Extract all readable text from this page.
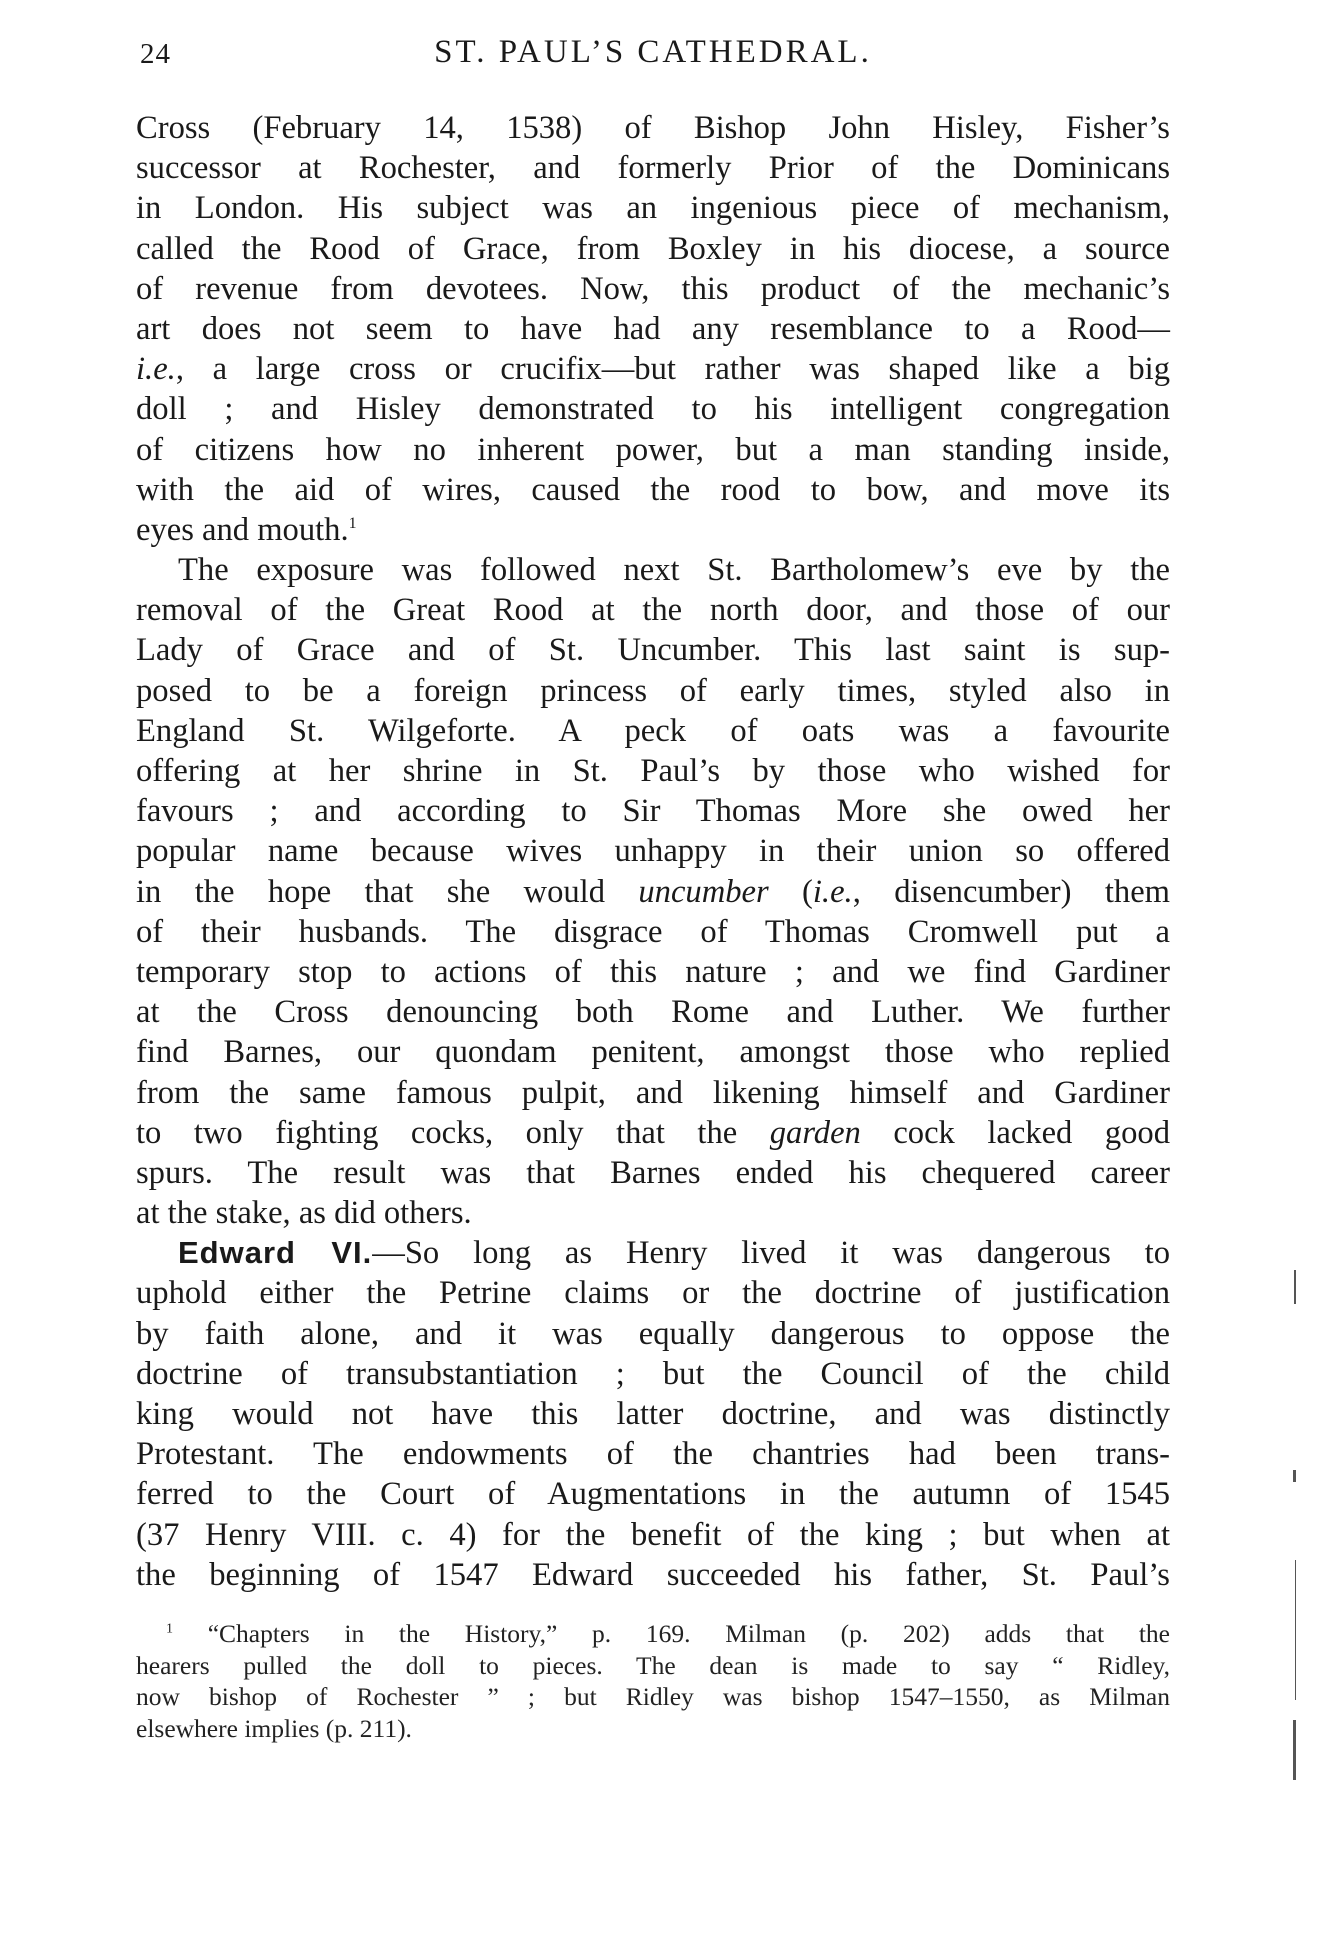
24	ST. PAUL’S CATHEDRAL.
Cross (February 14, 1538) of Bishop John Hisley, Fisher’s
successor at Rochester, and formerly Prior of the Dominicans
in London. His subject was an ingenious piece of mechanism,
called the Rood of Grace, from Boxley in his diocese, a source
of revenue from devotees. Now, this product of the mechanic’s
art does not seem to have had any resemblance to a Rood—
i.e., a large cross or crucifix—but rather was shaped like a big
doll ; and Hisley demonstrated to his intelligent congregation
of citizens how no inherent power, but a man standing inside,
with the aid of wires, caused the rood to bow, and move its
eyes and mouth.$^1$
The exposure was followed next St. Bartholomew’s eve by the
removal of the Great Rood at the north door, and those of our
Lady of Grace and of St. Uncumber. This last saint is sup-
posed to be a foreign princess of early times, styled also in
England St. Wilgeforte. A peck of oats was a favourite
offering at her shrine in St. Paul’s by those who wished for
favours ; and according to Sir Thomas More she owed her
popular name because wives unhappy in their union so offered
in the hope that she would uncumber (i.e., disencumber) them
of their husbands. The disgrace of Thomas Cromwell put a
temporary stop to actions of this nature ; and we find Gardiner
at the Cross denouncing both Rome and Luther. We further
find Barnes, our quondam penitent, amongst those who replied
from the same famous pulpit, and likening himself and Gardiner
to two fighting cocks, only that the garden cock lacked good
spurs. The result was that Barnes ended his chequered career
at the stake, as did others.
Edward VI.—So long as Henry lived it was dangerous to
uphold either the Petrine claims or the doctrine of justification
by faith alone, and it was equally dangerous to oppose the
doctrine of transubstantiation ; but the Council of the child
king would not have this latter doctrine, and was distinctly
Protestant. The endowments of the chantries had been trans-
ferred to the Court of Augmentations in the autumn of 1545
(37 Henry VIII. c. 4) for the benefit of the king ; but when at
the beginning of 1547 Edward succeeded his father, St. Paul’s
$^1$ “Chapters in the History,” p. 169. Milman (p. 202) adds that the
hearers pulled the doll to pieces. The dean is made to say “ Ridley,
now bishop of Rochester ” ; but Ridley was bishop 1547–1550, as Milman
elsewhere implies (p. 211).
